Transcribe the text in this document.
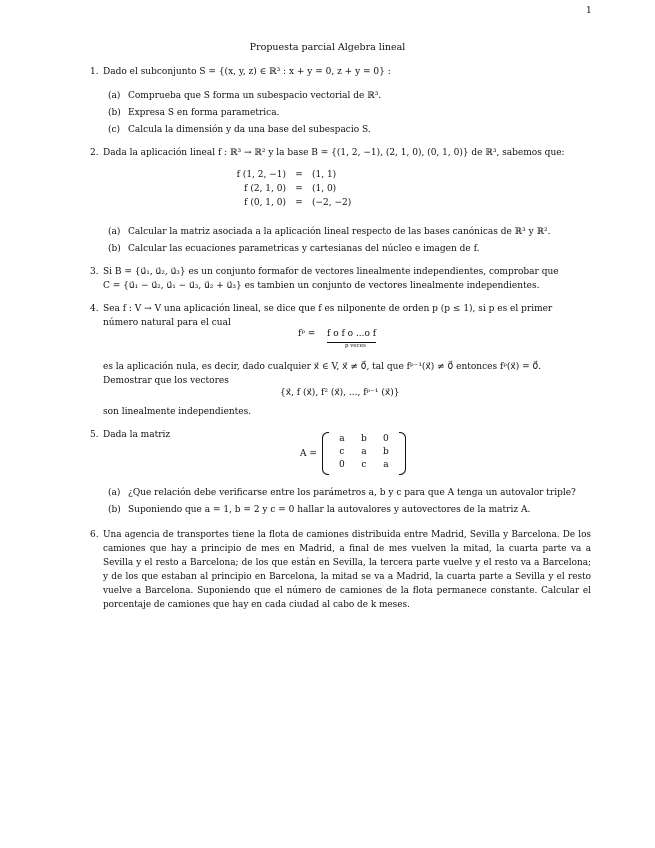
1
Propuesta parcial Algebra lineal
1. Dado el subconjunto S = {(x, y, z) ∈ ℝ³ : x + y = 0, z + y = 0} :
(a) Comprueba que S forma un subespacio vectorial de ℝ³.
(b) Expresa S en forma parametrica.
(c) Calcula la dimensión y da una base del subespacio S.
2. Dada la aplicación lineal f : ℝ³ → ℝ² y la base B = {(1, 2, −1), (2, 1, 0), (0, 1, 0)} de ℝ³, sabemos que:
f (1, 2, −1)	=	(1, 1)
f (2, 1, 0)	=	(1, 0)
f (0, 1, 0)	=	(−2, −2)
(a) Calcular la matriz asociada a la aplicación lineal respecto de las bases canónicas de ℝ³ y ℝ².
(b) Calcular las ecuaciones parametricas y cartesianas del núcleo e imagen de f.
3. Si B = {u⃗₁, u⃗₂, u⃗₃} es un conjunto formafor de vectores linealmente independientes, comprobar que
C = {u⃗₁ − u⃗₂, u⃗₁ − u⃗₃, u⃗₂ + u⃗₃} es tambien un conjunto de vectores linealmente independientes.
4. Sea f : V → V una aplicación lineal, se dice que f es nilponente de orden p (p ≤ 1), si p es el primer
número natural para el cual
fᵖ = f o f o ...o f
p veces
es la aplicación nula, es decir, dado cualquier x⃗ ∈ V, x⃗ ≠ 0⃗, tal que fᵖ⁻¹(x⃗) ≠ 0⃗ entonces fᵖ(x⃗) = 0⃗.
Demostrar que los vectores
{x⃗, f (x⃗), f² (x⃗), ..., fᵖ⁻¹ (x⃗)}
son linealmente independientes.
5. Dada la matriz
A =
a	b	0
c	a	b
0	c	a
(a) ¿Que relación debe verificarse entre los parámetros a, b y c para que A tenga un autovalor triple?
(b) Suponiendo que a = 1, b = 2 y c = 0 hallar la autovalores y autovectores de la matriz A.
6. Una agencia de transportes tiene la flota de camiones distribuida entre Madrid, Sevilla y Barcelona. De los camiones que hay a principio de mes en Madrid, a final de mes vuelven la mitad, la cuarta parte va a Sevilla y el resto a Barcelona; de los que están en Sevilla, la tercera parte vuelve y el resto va a Barcelona; y de los que estaban al principio en Barcelona, la mitad se va a Madrid, la cuarta parte a Sevilla y el resto vuelve a Barcelona. Suponiendo que el número de camiones de la flota permanece constante. Calcular el porcentaje de camiones que hay en cada ciudad al cabo de k meses.
